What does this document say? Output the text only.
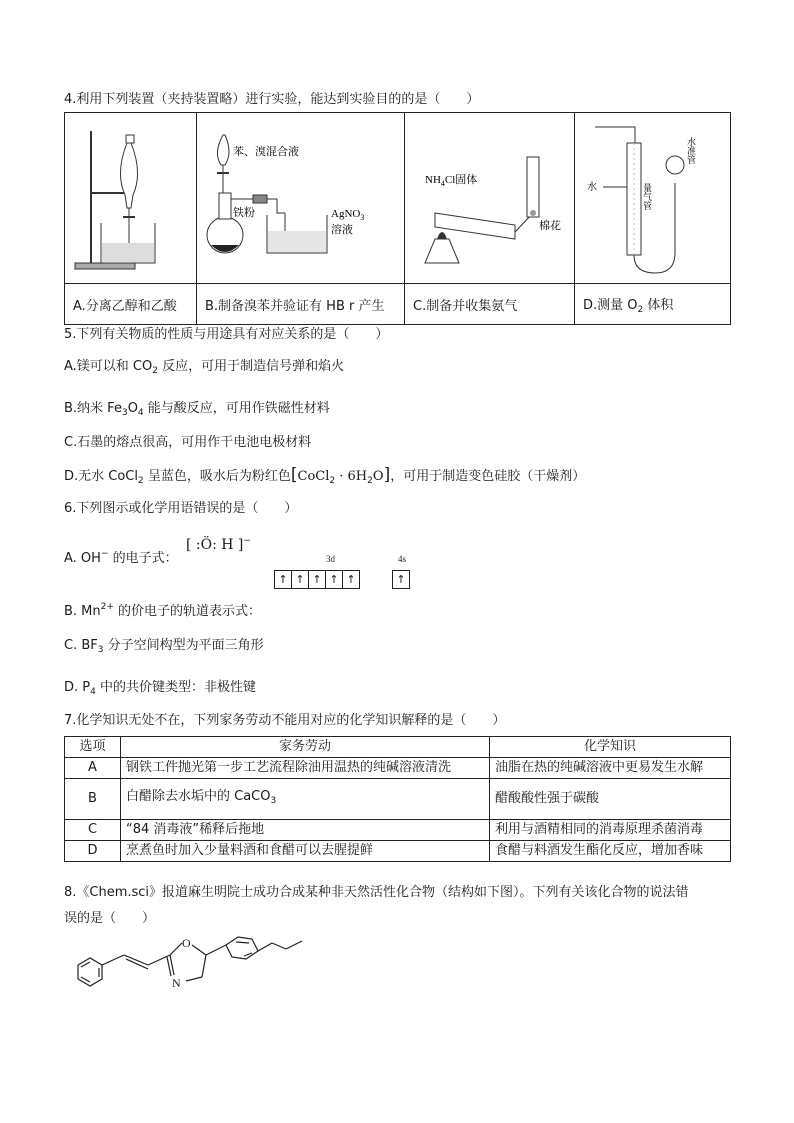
4.利用下列装置（夹持装置略）进行实验，能达到实验目的的是（　　）

苯、溴混合液
铁粉 AgNO$_3$
溶液	$NH_4Cl$固体
棉花	水 量气管
水准管

A.分离乙醇和乙酸	B.制备溴苯并验证有 HB r 产生	C.制备并收集氨气	D.测量 $O_2$ 体积
5.下列有关物质的性质与用途具有对应关系的是（　　）
A.镁可以和 $CO_2$ 反应，可用于制造信号弹和焰火
B.纳米 $Fe_3O_4$ 能与酸反应，可用作铁磁性材料
C.石墨的熔点很高，可用作干电池电极材料
D.无水 CoCl$_2$ 呈蓝色，吸水后为粉红色[CoCl$_2$ · $6H_2O$]，可用于制造变色硅胶（干燥剂）
6.下列图示或化学用语错误的是（　　）
A. OH− 的电子式：
[ :Ö: H ]−
B. $Mn^{2+}$ 的价电子的轨道表示式：
3d	4s
↑ ↑ ↑ ↑ ↑	↑
C. $BF_3$ 分子空间构型为平面三角形
D. $P_4$ 中的共价键类型：非极性键
7.化学知识无处不在，下列家务劳动不能用对应的化学知识解释的是（　　）
选项	家务劳动	化学知识
A	钢铁工件抛光第一步工艺流程除油用温热的纯碱溶液清洗	油脂在热的纯碱溶液中更易发生水解
B	白醋除去水垢中的 CaCO$_3$	醋酸酸性强于碳酸
C	“84 消毒液”稀释后拖地	利用与酒精相同的消毒原理杀菌消毒
D	烹煮鱼时加入少量料酒和食醋可以去腥提鲜	食醋与料酒发生酯化反应，增加香味
8.《Chem.sci》报道麻生明院士成功合成某种非天然活性化合物（结构如下图）。下列有关该化合物的说法错
误的是（　　）
O
N
